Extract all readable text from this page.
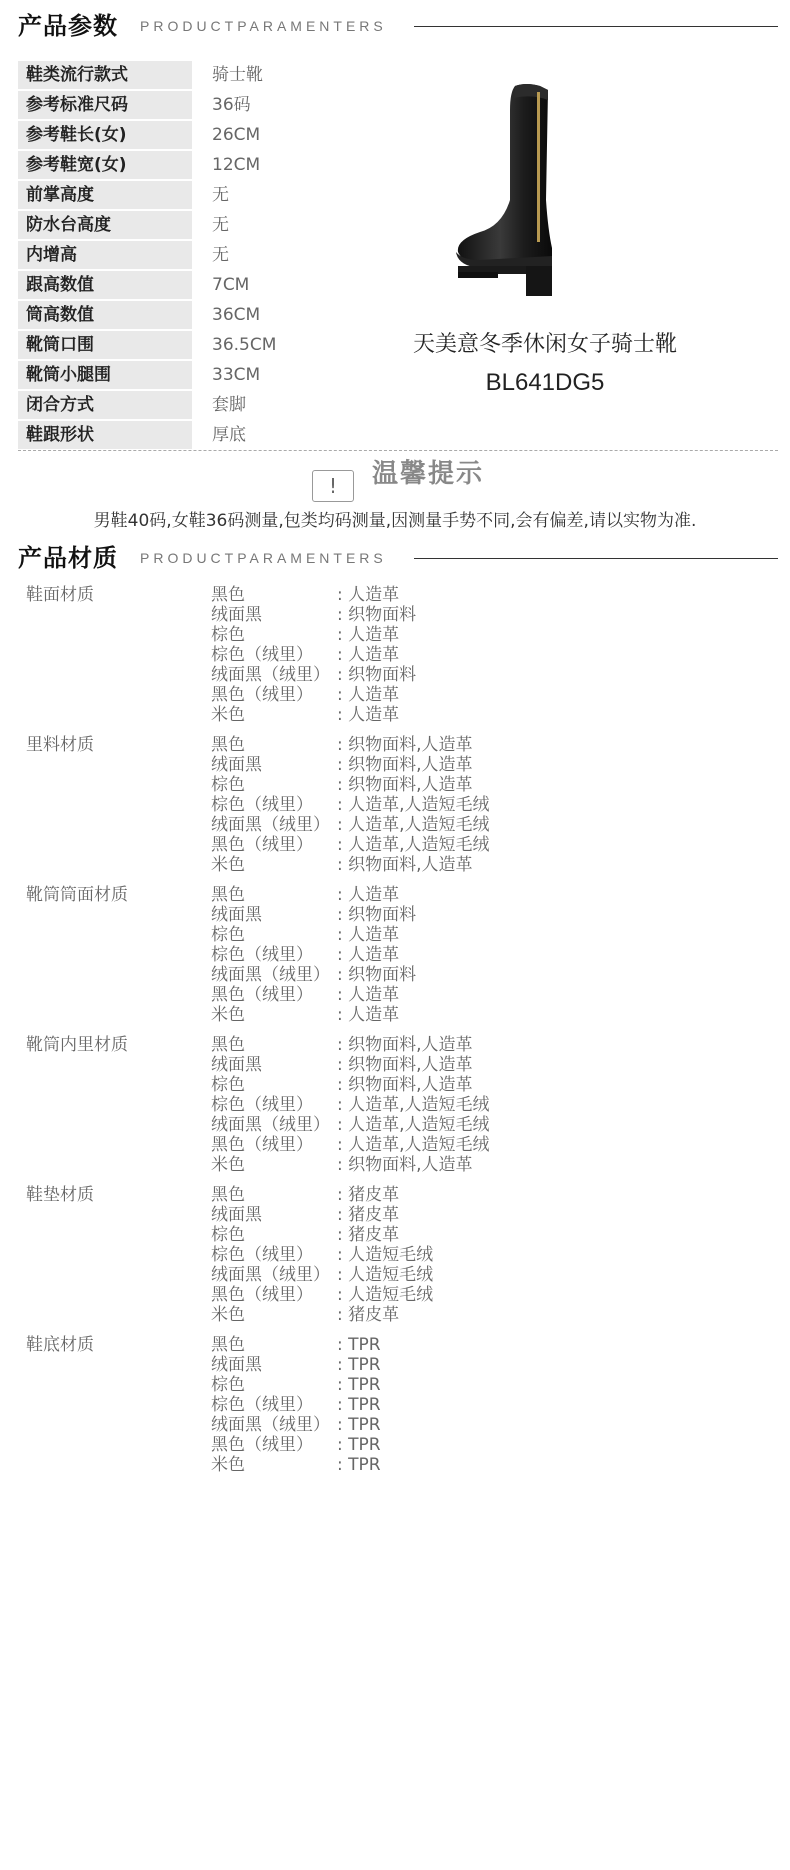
产品参数 PRODUCTPARAMENTERS
鞋类流行款式	骑士靴
参考标准尺码	36码
参考鞋长(女)	26CM
参考鞋宽(女)	12CM
前掌高度	无
防水台高度	无
内增高	无
跟高数值	7CM
筒高数值	36CM
靴筒口围	36.5CM
靴筒小腿围	33CM
闭合方式	套脚
鞋跟形状	厚底
天美意冬季休闲女子骑士靴
BL641DG5
!	温馨提示
男鞋40码,女鞋36码测量,包类均码测量,因测量手势不同,会有偏差,请以实物为准.
产品材质 PRODUCTPARAMENTERS
鞋面材质	黑色	: 人造革
绒面黑	: 织物面料
棕色	: 人造革
棕色（绒里） : 人造革
绒面黑（绒里） : 织物面料
黑色（绒里） : 人造革
米色	: 人造革
里料材质	黑色	: 织物面料,人造革
绒面黑	: 织物面料,人造革
棕色	: 织物面料,人造革
棕色（绒里） : 人造革,人造短毛绒
绒面黑（绒里） : 人造革,人造短毛绒
黑色（绒里） : 人造革,人造短毛绒
米色	: 织物面料,人造革
靴筒筒面材质	黑色	: 人造革
绒面黑	: 织物面料
棕色	: 人造革
棕色（绒里） : 人造革
绒面黑（绒里） : 织物面料
黑色（绒里） : 人造革
米色	: 人造革
靴筒内里材质	黑色	: 织物面料,人造革
绒面黑	: 织物面料,人造革
棕色	: 织物面料,人造革
棕色（绒里） : 人造革,人造短毛绒
绒面黑（绒里） : 人造革,人造短毛绒
黑色（绒里） : 人造革,人造短毛绒
米色	: 织物面料,人造革
鞋垫材质	黑色	: 猪皮革
绒面黑	: 猪皮革
棕色	: 猪皮革
棕色（绒里） : 人造短毛绒
绒面黑（绒里） : 人造短毛绒
黑色（绒里） : 人造短毛绒
米色	: 猪皮革
鞋底材质	黑色	: TPR
绒面黑	: TPR
棕色	: TPR
棕色（绒里） : TPR
绒面黑（绒里） : TPR
黑色（绒里） : TPR
米色	: TPR
